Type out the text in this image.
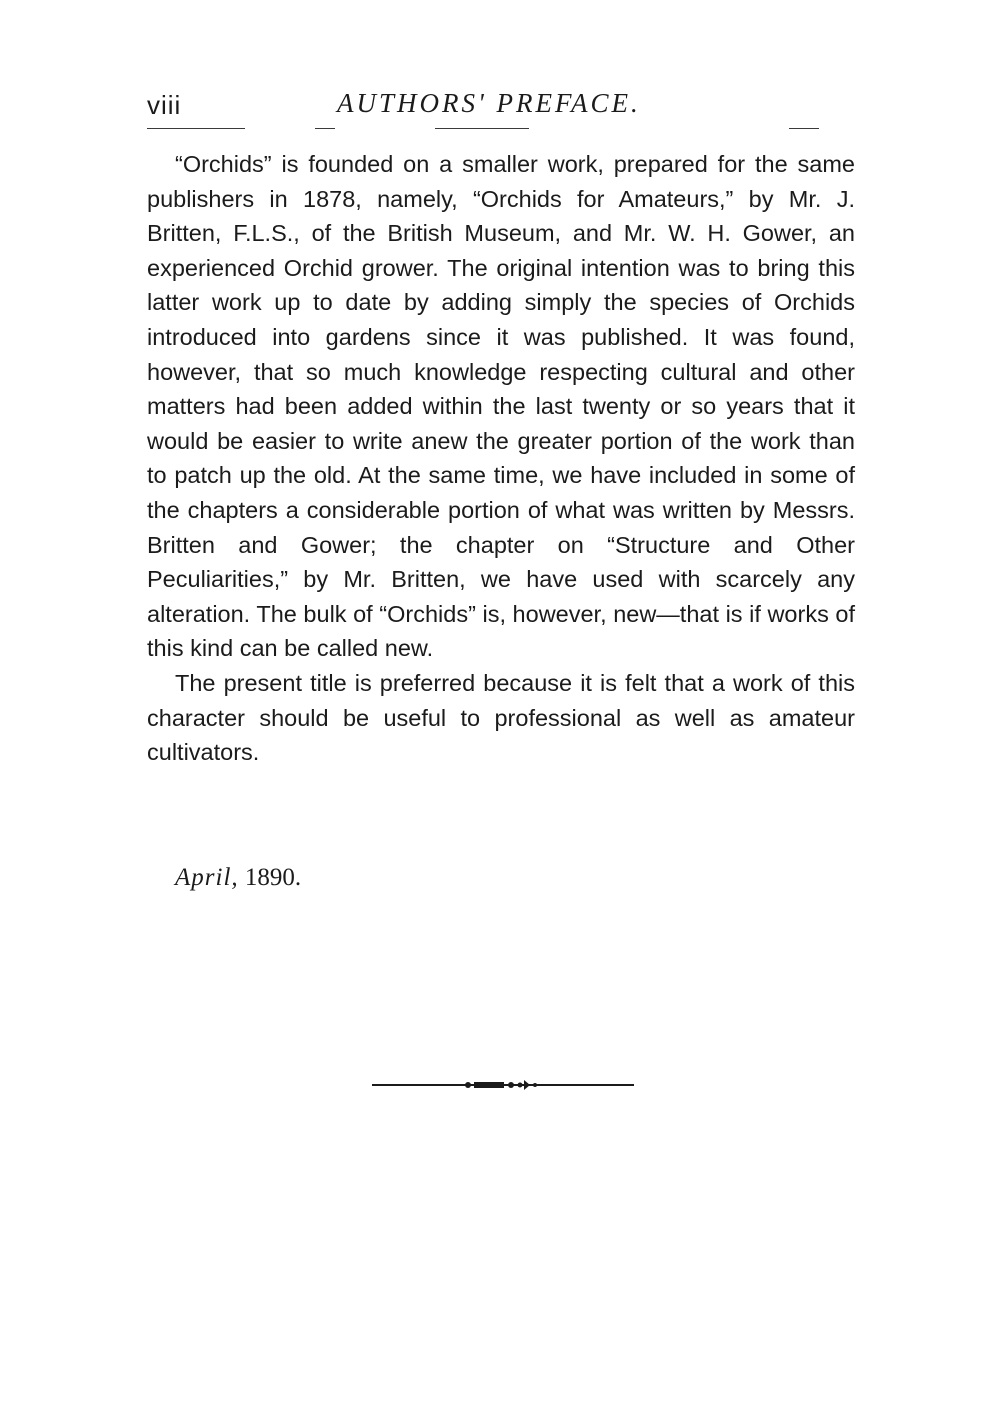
viii	AUTHORS' PREFACE.

“Orchids” is founded on a smaller work, prepared for the same publishers in 1878, namely, “Orchids for Amateurs,” by Mr. J. Britten, F.L.S., of the British Museum, and Mr. W. H. Gower, an experienced Orchid grower. The original intention was to bring this latter work up to date by adding simply the species of Orchids introduced into gardens since it was published. It was found, however, that so much knowledge respecting cultural and other matters had been added within the last twenty or so years that it would be easier to write anew the greater portion of the work than to patch up the old. At the same time, we have included in some of the chapters a considerable portion of what was written by Messrs. Britten and Gower; the chapter on “Structure and Other Peculiarities,” by Mr. Britten, we have used with scarcely any alteration. The bulk of “Orchids” is, however, new—that is if works of this kind can be called new.

The present title is preferred because it is felt that a work of this character should be useful to professional as well as amateur cultivators.

April, 1890.
